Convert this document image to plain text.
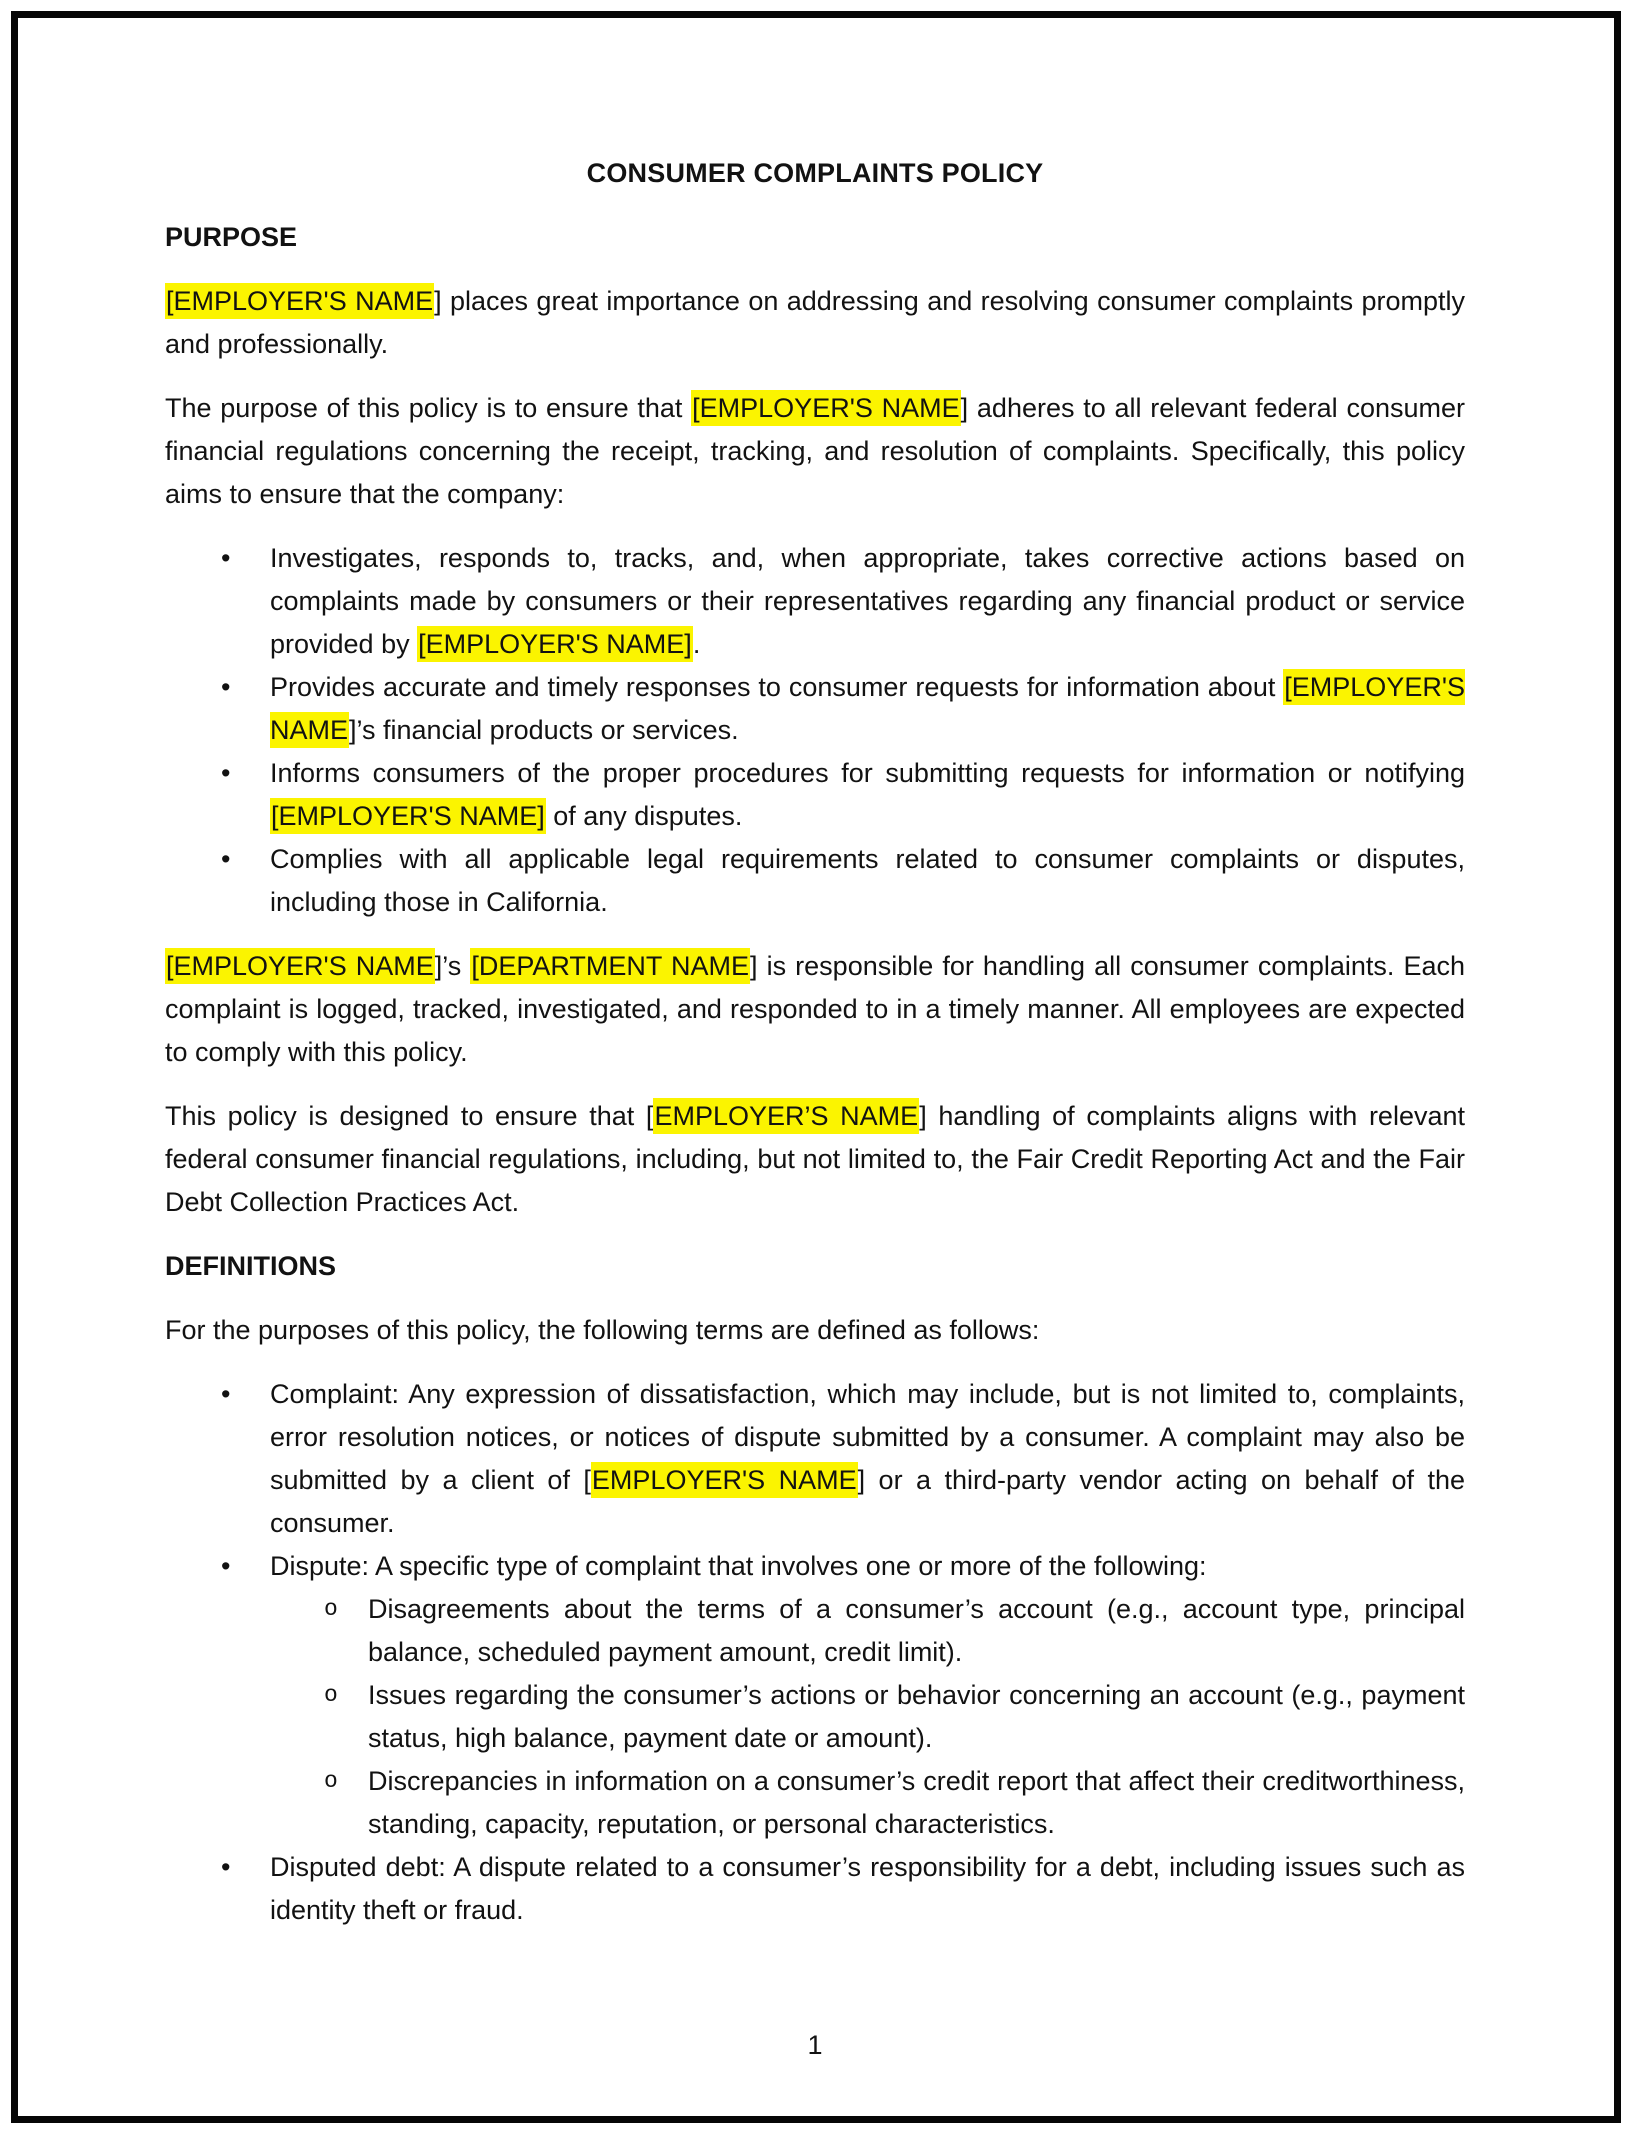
CONSUMER COMPLAINTS POLICY
PURPOSE

[EMPLOYER'S NAME] places great importance on addressing and resolving consumer complaints promptly and professionally.

The purpose of this policy is to ensure that [EMPLOYER'S NAME] adheres to all relevant federal consumer financial regulations concerning the receipt, tracking, and resolution of complaints. Specifically, this policy aims to ensure that the company:

•	Investigates, responds to, tracks, and, when appropriate, takes corrective actions based on complaints made by consumers or their representatives regarding any financial product or service provided by [EMPLOYER'S NAME].
•	Provides accurate and timely responses to consumer requests for information about [EMPLOYER'S NAME]’s financial products or services.
•	Informs consumers of the proper procedures for submitting requests for information or notifying [EMPLOYER'S NAME] of any disputes.
•	Complies with all applicable legal requirements related to consumer complaints or disputes, including those in California.

[EMPLOYER'S NAME]’s [DEPARTMENT NAME] is responsible for handling all consumer complaints. Each complaint is logged, tracked, investigated, and responded to in a timely manner. All employees are expected to comply with this policy.

This policy is designed to ensure that [EMPLOYER’S NAME] handling of complaints aligns with relevant federal consumer financial regulations, including, but not limited to, the Fair Credit Reporting Act and the Fair Debt Collection Practices Act.

DEFINITIONS

For the purposes of this policy, the following terms are defined as follows:

•	Complaint: Any expression of dissatisfaction, which may include, but is not limited to, complaints, error resolution notices, or notices of dispute submitted by a consumer. A complaint may also be submitted by a client of [EMPLOYER'S NAME] or a third-party vendor acting on behalf of the consumer.
•	Dispute: A specific type of complaint that involves one or more of the following:
o	Disagreements about the terms of a consumer’s account (e.g., account type, principal balance, scheduled payment amount, credit limit).
o	Issues regarding the consumer’s actions or behavior concerning an account (e.g., payment status, high balance, payment date or amount).
o	Discrepancies in information on a consumer’s credit report that affect their creditworthiness, standing, capacity, reputation, or personal characteristics.
•	Disputed debt: A dispute related to a consumer’s responsibility for a debt, including issues such as identity theft or fraud.
1
